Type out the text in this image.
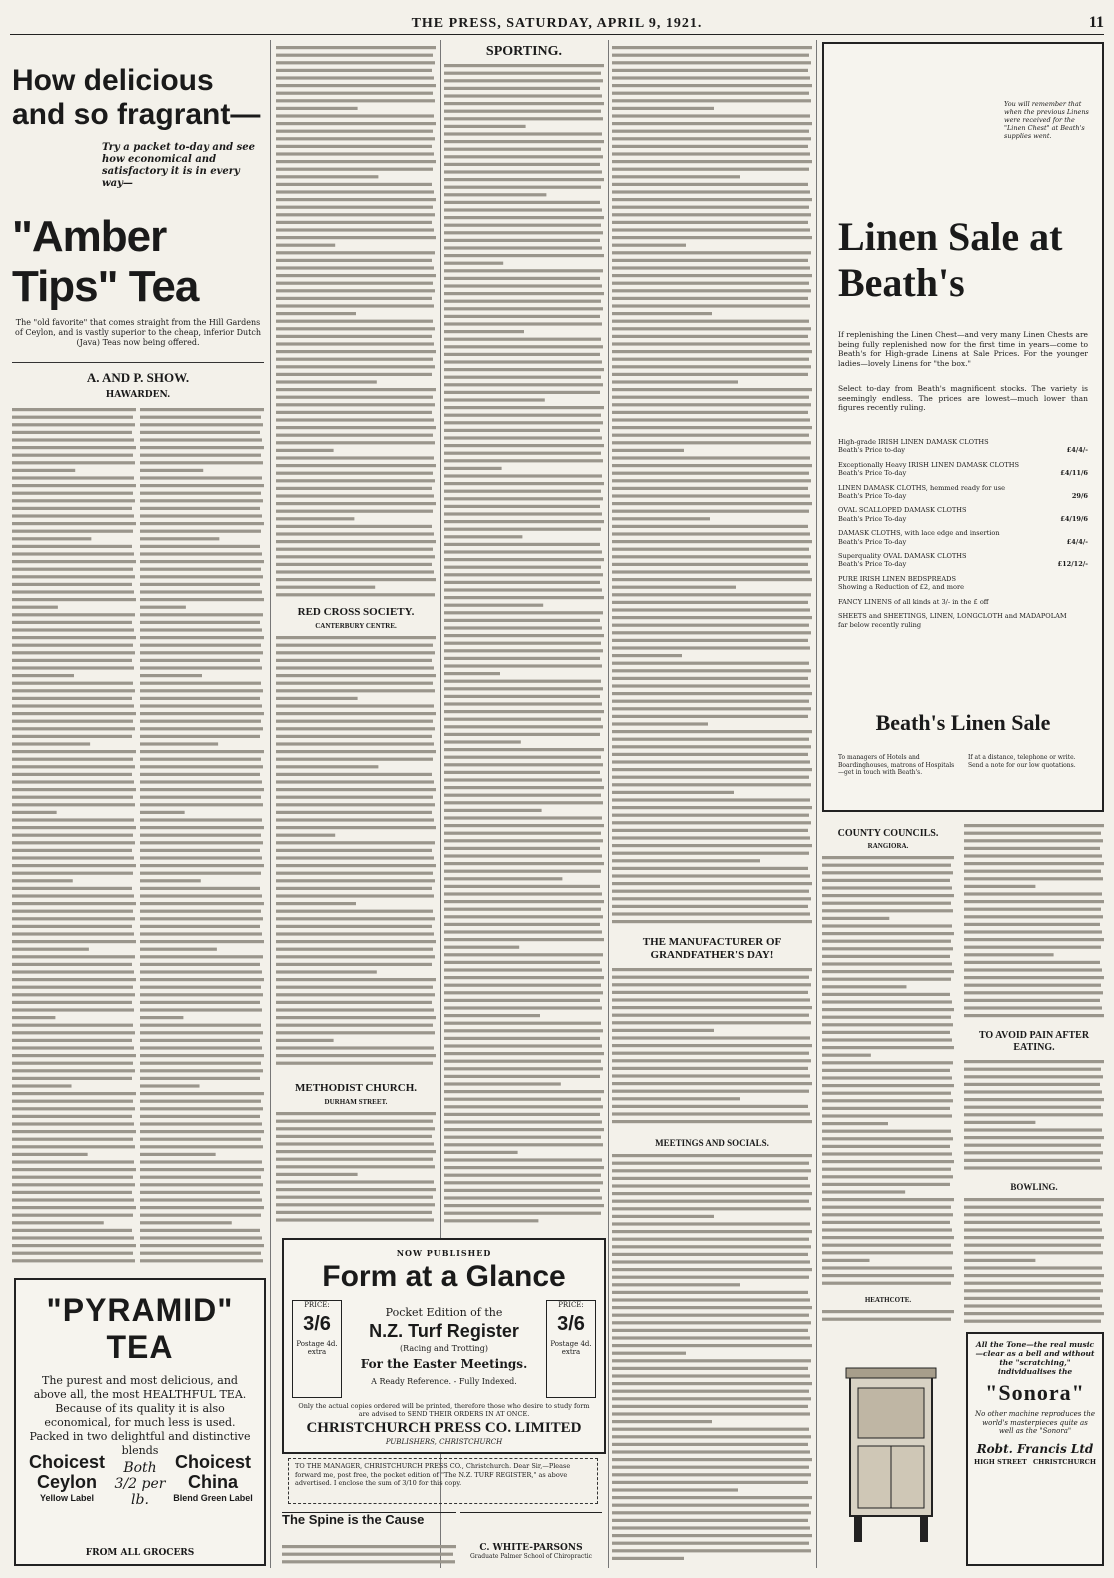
THE PRESS, SATURDAY, APRIL 9, 1921.	11
How delicious and so fragrant—
Try a packet to-day and see how economical and satisfactory it is in every way—
"Amber Tips" Tea
The "old favorite" that comes straight from the Hill Gardens of Ceylon, and is vastly superior to the cheap, inferior Dutch (Java) Teas now being offered.
A. AND P. SHOW.
HAWARDEN.
"PYRAMID" TEA
The purest and most delicious, and above all, the most HEALTHFUL TEA. Because of its quality it is also economical, for much less is used. Packed in two delightful and distinctive blends
Choicest Ceylon
Yellow Label
Both 3/2 per lb.
Choicest China
Blend Green Label
FROM ALL GROCERS
RED CROSS SOCIETY.
CANTERBURY CENTRE.
METHODIST CHURCH.
DURHAM STREET.
SPORTING.
THE MANUFACTURER OF GRANDFATHER'S DAY!
MEETINGS AND SOCIALS.
NOW PUBLISHED
Form at a Glance
PRICE:
3/6
Postage 4d. extra
Pocket Edition of the
N.Z. Turf Register
(Racing and Trotting)
For the Easter Meetings.
A Ready Reference. - Fully Indexed.
PRICE:
3/6
Postage 4d. extra
Only the actual copies ordered will be printed, therefore those who desire to study form are advised to SEND THEIR ORDERS IN AT ONCE.
CHRISTCHURCH PRESS CO. LIMITED
PUBLISHERS, CHRISTCHURCH
TO THE MANAGER, CHRISTCHURCH PRESS CO., Christchurch. Dear Sir,—Please forward me, post free, the pocket edition of "The N.Z. TURF REGISTER," as above advertised. I enclose the sum of 3/10 for this copy.
The Spine is the Cause
C. WHITE-PARSONS
Graduate Palmer School of Chiropractic
You will remember that when the previous Linens were received for the "Linen Chest" at Beath's supplies went.
Linen Sale at Beath's
If replenishing the Linen Chest—and very many Linen Chests are being fully replenished now for the first time in years—come to Beath's for High-grade Linens at Sale Prices. For the younger ladies—lovely Linens for "the box."
Select to-day from Beath's magnificent stocks. The variety is seemingly endless. The prices are lowest—much lower than figures recently ruling.
High-grade IRISH LINEN DAMASK CLOTHS
Beath's Price to-day	£4/4/-
Exceptionally Heavy IRISH LINEN DAMASK CLOTHS
Beath's Price To-day	£4/11/6
LINEN DAMASK CLOTHS, hemmed ready for use
Beath's Price To-day	29/6
OVAL SCALLOPED DAMASK CLOTHS
Beath's Price To-day	£4/19/6
DAMASK CLOTHS, with lace edge and insertion
Beath's Price To-day	£4/4/-
Superquality OVAL DAMASK CLOTHS
Beath's Price To-day	£12/12/-
PURE IRISH LINEN BEDSPREADS
Showing a Reduction of £2, and more
FANCY LINENS of all kinds at 3/- in the £ off
SHEETS and SHEETINGS, LINEN, LONGCLOTH and MADAPOLAM
far below recently ruling
Beath's Linen Sale
To managers of Hotels and Boardinghouses, matrons of Hospitals—get in touch with Beath's.
If at a distance, telephone or write. Send a note for our low quotations.
COUNTY COUNCILS.
RANGIORA.
TO AVOID PAIN AFTER EATING.
BOWLING.
HEATHCOTE.
All the Tone—the real music—clear as a bell and without the "scratching," individualises the
"Sonora"
No other machine reproduces the world's masterpieces quite as well as the "Sonora"
Robt. Francis Ltd
HIGH STREET CHRISTCHURCH
